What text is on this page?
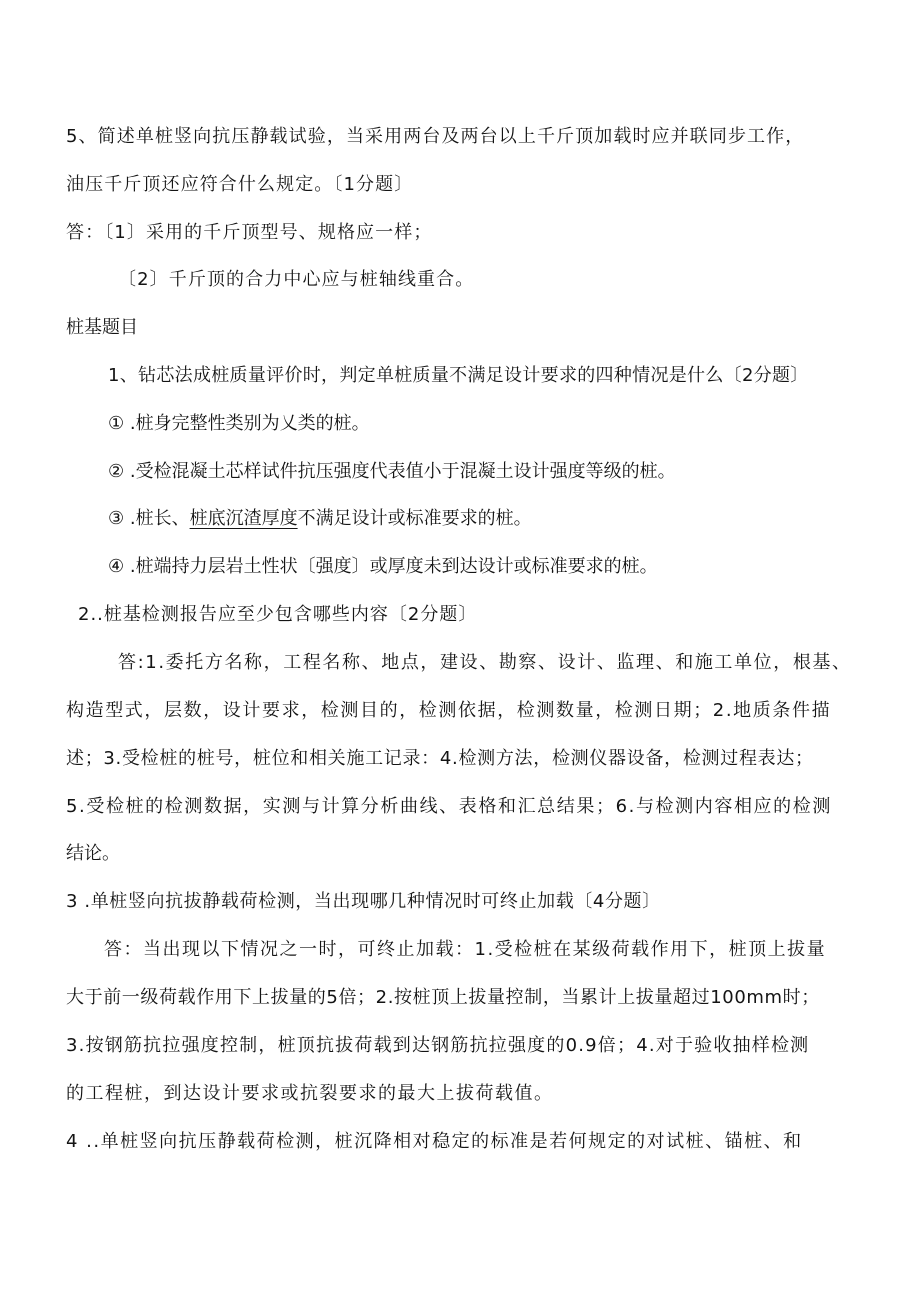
5、简述单桩竖向抗压静载试验，当采用两台及两台以上千斤顶加载时应并联同步工作，
油压千斤顶还应符合什么规定。〔1分题〕
答：〔1〕采用的千斤顶型号、规格应一样；
〔2〕千斤顶的合力中心应与桩轴线重合。
桩基题目
1、钻芯法成桩质量评价时，判定单桩质量不满足设计要求的四种情况是什么〔2分题〕
① .桩身完整性类别为乂类的桩。
② .受检混凝土芯样试件抗压强度代表值小于混凝土设计强度等级的桩。
③ .桩长、桩底沉渣厚度不满足设计或标准要求的桩。
④ .桩端持力层岩土性状〔强度〕或厚度未到达设计或标准要求的桩。
2..桩基检测报告应至少包含哪些内容〔2分题〕
答:1.委托方名称，工程名称、地点，建设、勘察、设计、监理、和施工单位，根基、
构造型式，层数，设计要求，检测目的，检测依据，检测数量，检测日期；2.地质条件描
述；3.受检桩的桩号，桩位和相关施工记录：4.检测方法，检测仪器设备，检测过程表达；
5.受检桩的检测数据，实测与计算分析曲线、表格和汇总结果；6.与检测内容相应的检测
结论。
3 .单桩竖向抗拔静载荷检测，当出现哪几种情况时可终止加载〔4分题〕
答：当出现以下情况之一时，可终止加载：1.受检桩在某级荷载作用下，桩顶上拔量
大于前一级荷载作用下上拔量的5倍；2.按桩顶上拔量控制，当累计上拔量超过100mm时；
3.按钢筋抗拉强度控制，桩顶抗拔荷载到达钢筋抗拉强度的0.9倍；4.对于验收抽样检测
的工程桩，到达设计要求或抗裂要求的最大上拔荷载值。
4 ..单桩竖向抗压静载荷检测，桩沉降相对稳定的标准是若何规定的对试桩、锚桩、和
